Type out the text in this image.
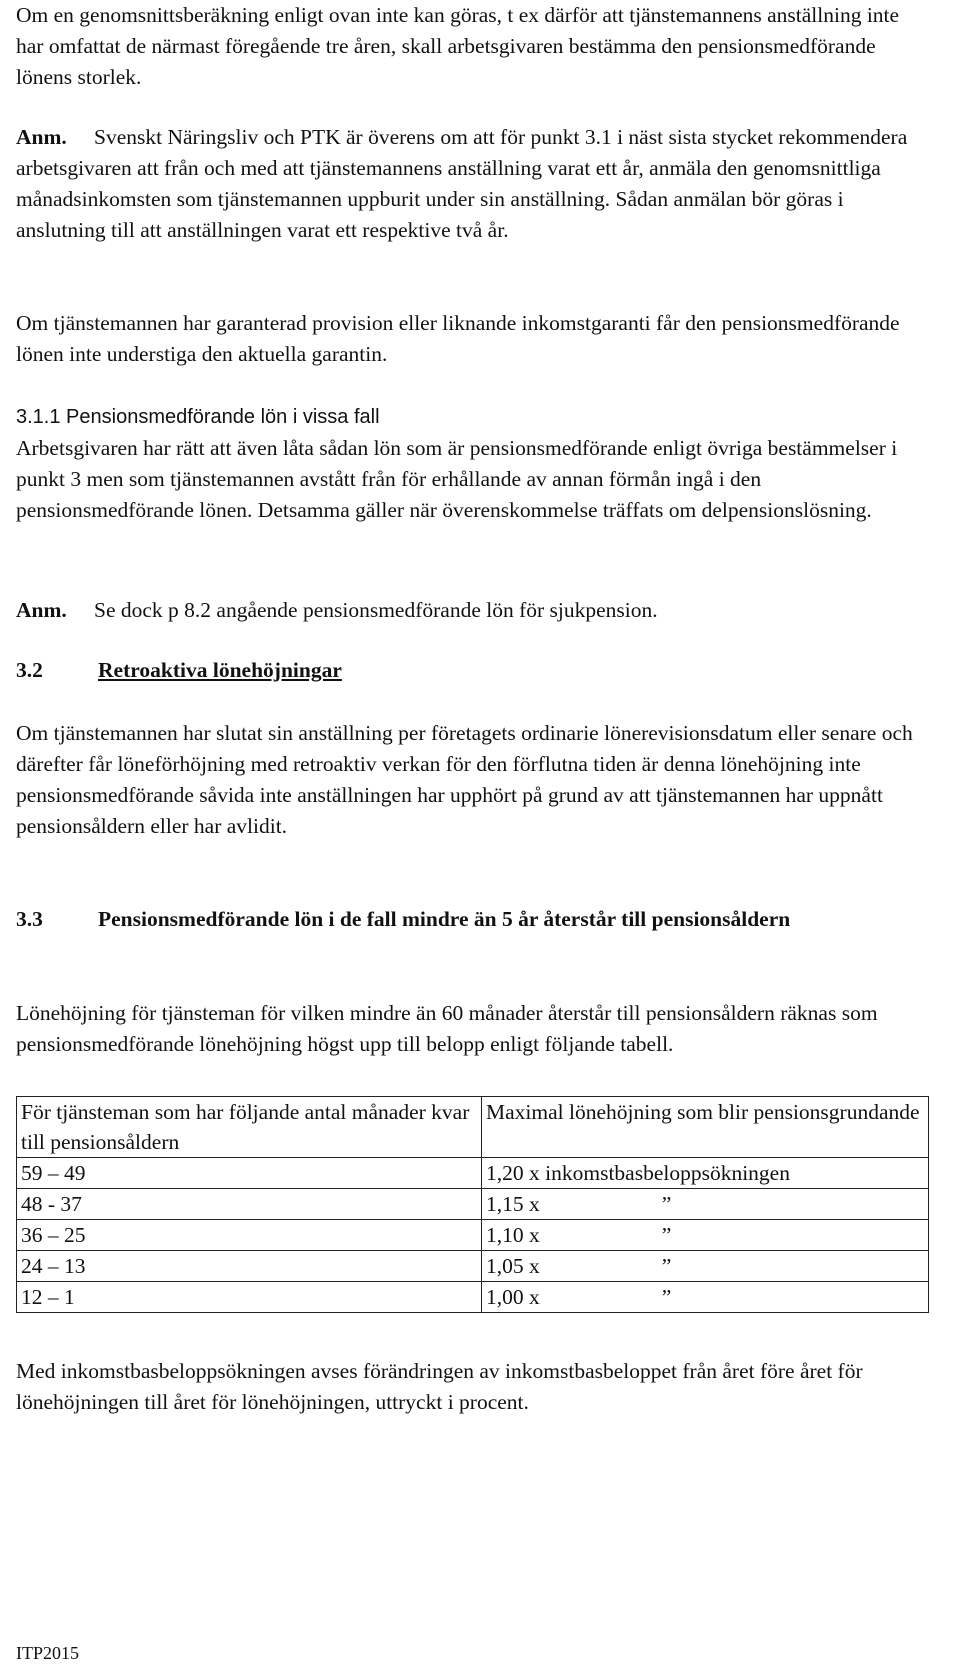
Om en genomsnittsberäkning enligt ovan inte kan göras, t ex därför att tjänstemannens anställning inte har omfattat de närmast föregående tre åren, skall arbetsgivaren bestämma den pensionsmedförande lönens storlek.

Anm. Svenskt Näringsliv och PTK är överens om att för punkt 3.1 i näst sista stycket rekommendera arbetsgivaren att från och med att tjänstemannens anställning varat ett år, anmäla den genomsnittliga månadsinkomsten som tjänstemannen uppburit under sin anställning. Sådan anmälan bör göras i anslutning till att anställningen varat ett respektive två år.

Om tjänstemannen har garanterad provision eller liknande inkomstgaranti får den pensionsmedförande lönen inte understiga den aktuella garantin.

3.1.1 Pensionsmedförande lön i vissa fall

Arbetsgivaren har rätt att även låta sådan lön som är pensionsmedförande enligt övriga bestämmelser i punkt 3 men som tjänstemannen avstått från för erhållande av annan förmån ingå i den pensionsmedförande lönen. Detsamma gäller när överenskommelse träffats om delpensionslösning.

Anm. Se dock p 8.2 angående pensionsmedförande lön för sjukpension.

3.2	Retroaktiva lönehöjningar

Om tjänstemannen har slutat sin anställning per företagets ordinarie lönerevisionsdatum eller senare och därefter får löneförhöjning med retroaktiv verkan för den förflutna tiden är denna lönehöjning inte pensionsmedförande såvida inte anställningen har upphört på grund av att tjänstemannen har uppnått pensionsåldern eller har avlidit.

3.3	Pensionsmedförande lön i de fall mindre än 5 år återstår till pensionsåldern

Lönehöjning för tjänsteman för vilken mindre än 60 månader återstår till pensionsåldern räknas som pensionsmedförande lönehöjning högst upp till belopp enligt följande tabell.

För tjänsteman som har följande antal månader kvar till pensionsåldern	Maximal lönehöjning som blir pensionsgrundande
59 – 49	1,20 x inkomstbasbeloppsökningen
48 - 37	1,15 x ”
36 – 25	1,10 x ”
24 – 13	1,05 x ”
12 – 1	1,00 x ”

Med inkomstbasbeloppsökningen avses förändringen av inkomstbasbeloppet från året före året för lönehöjningen till året för lönehöjningen, uttryckt i procent.

ITP2015
